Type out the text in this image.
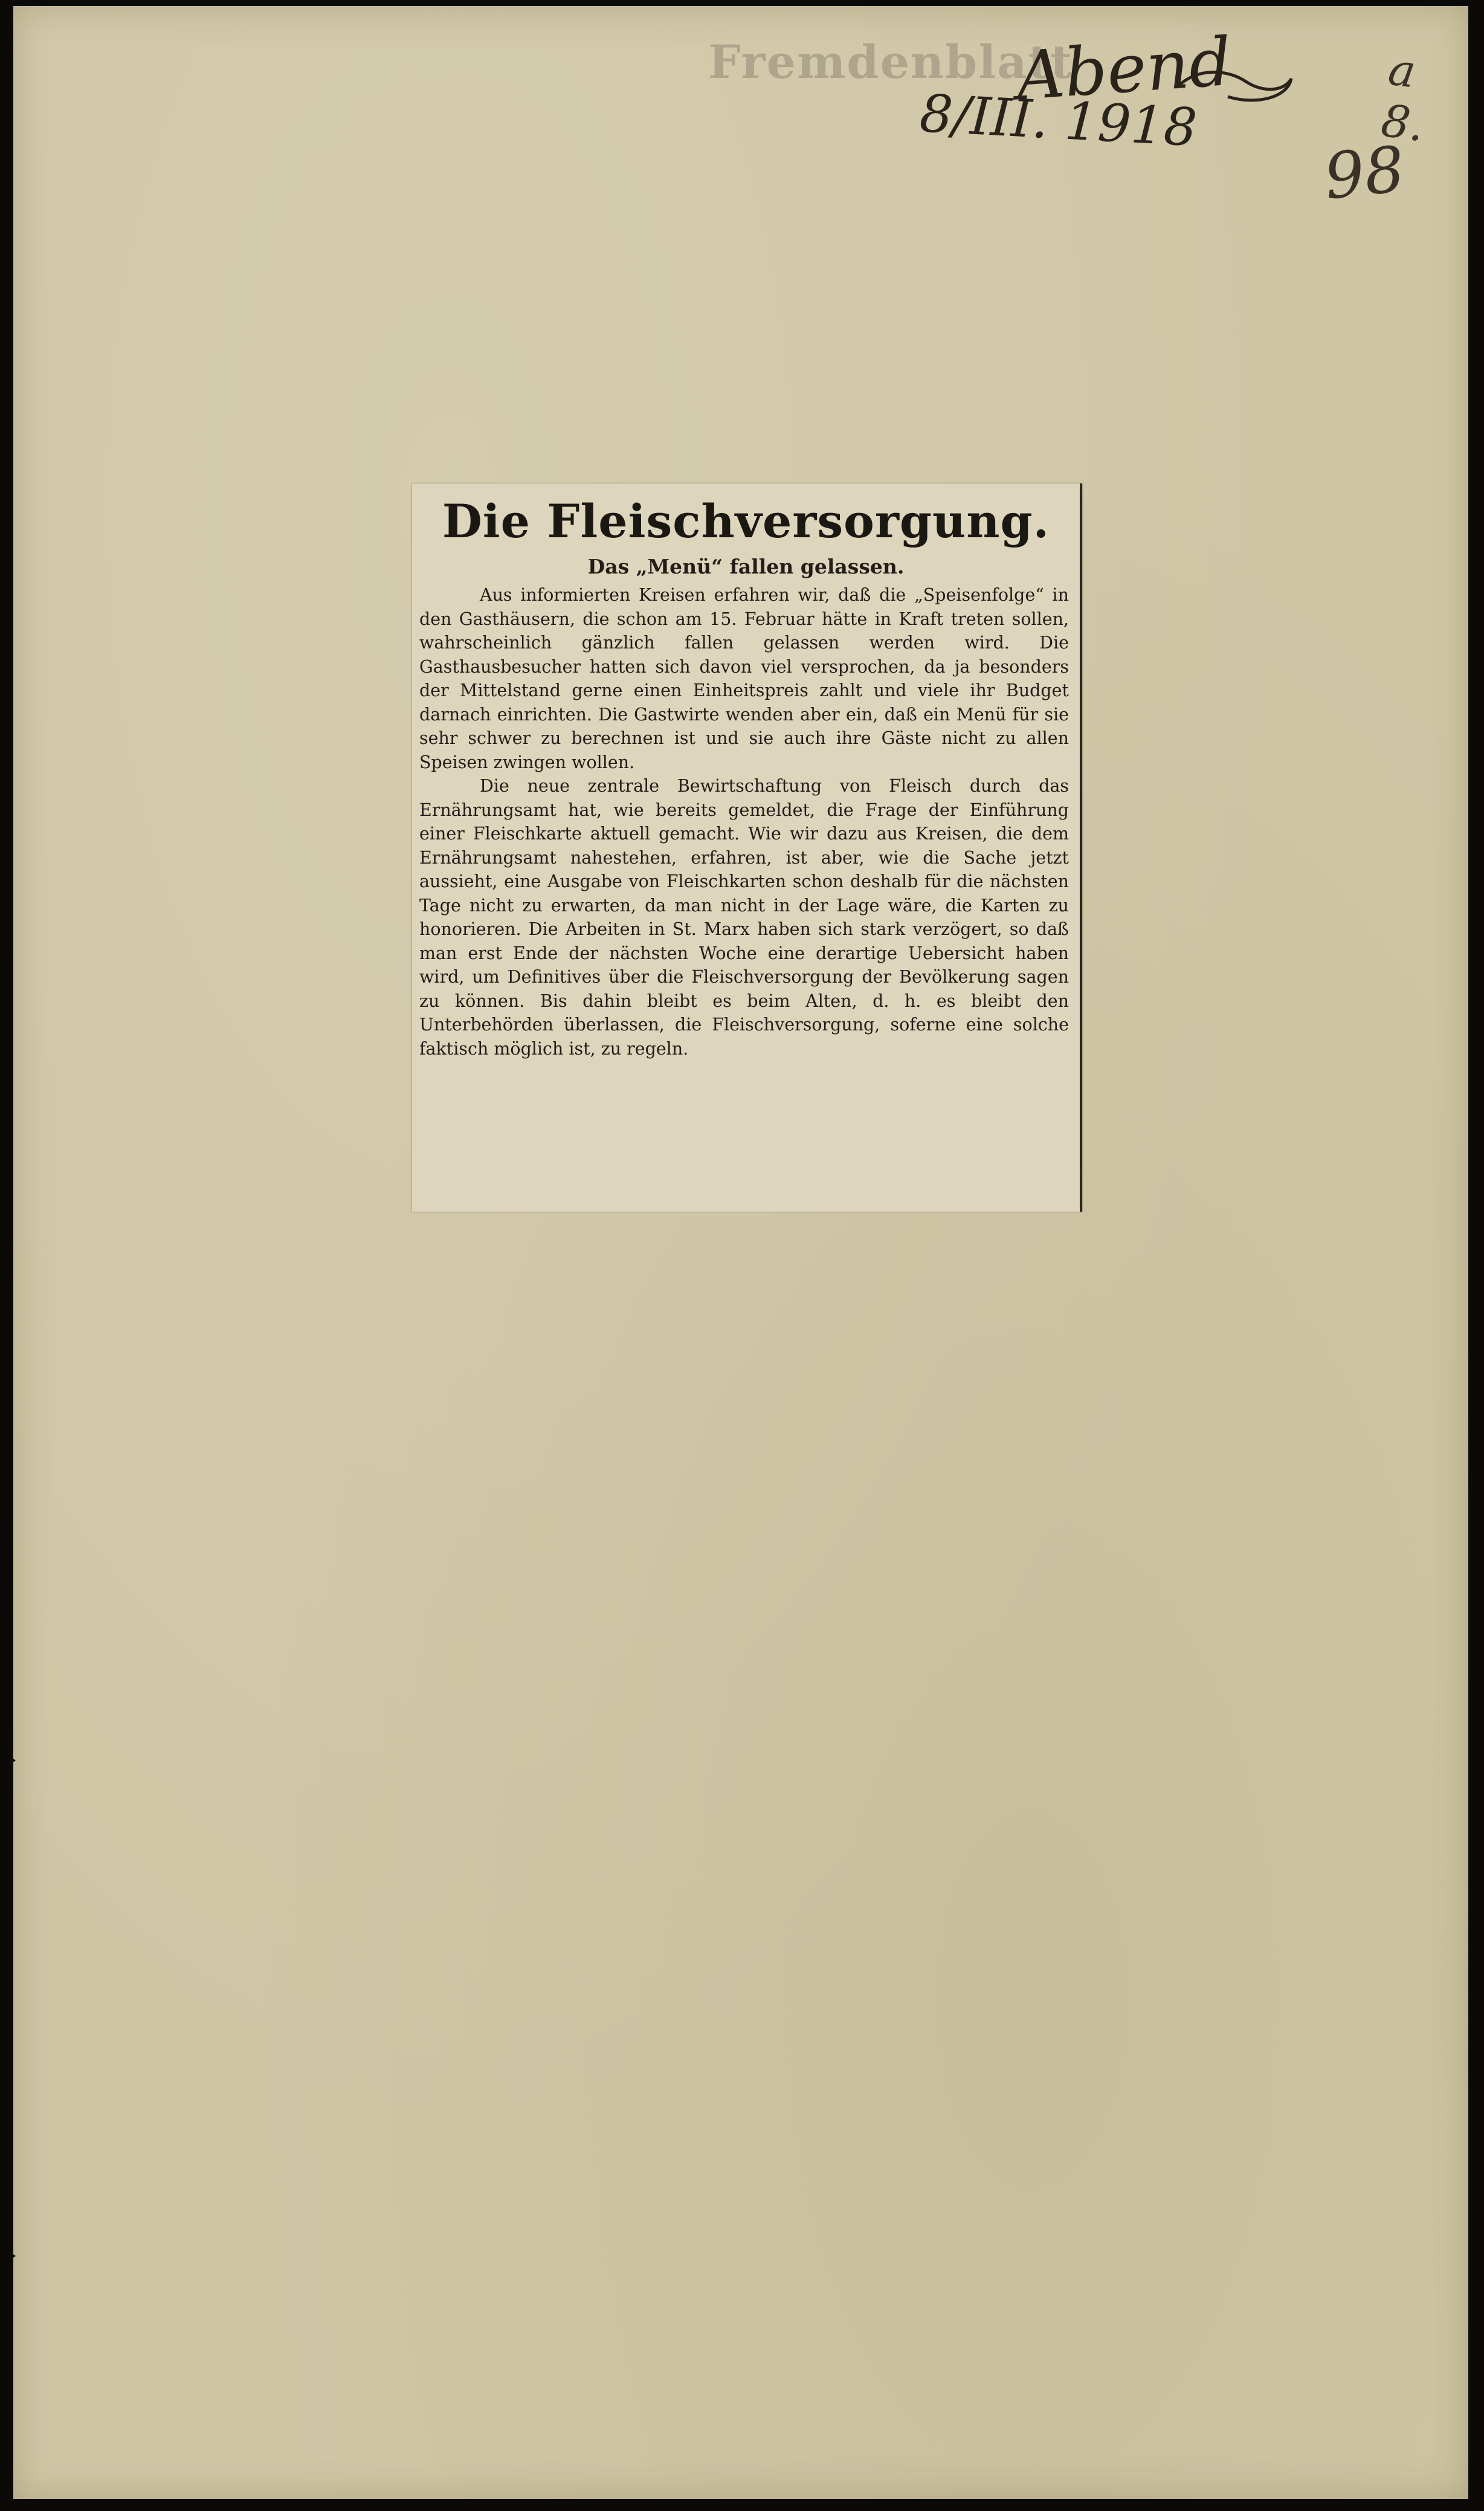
Fremdenblatt
Abend
8/III. 1918
a 8.
98
Die Fleischversorgung.
Das „Menü“ fallen gelassen.

Aus informierten Kreisen erfahren wir, daß die „Speisenfolge“ in den Gasthäusern, die schon am 15. Februar hätte in Kraft treten sollen, wahrscheinlich gänzlich fallen gelassen werden wird. Die Gasthausbesucher hatten sich davon viel versprochen, da ja besonders der Mittelstand gerne einen Einheitspreis zahlt und viele ihr Budget darnach einrichten. Die Gastwirte wenden aber ein, daß ein Menü für sie sehr schwer zu berechnen ist und sie auch ihre Gäste nicht zu allen Speisen zwingen wollen.

Die neue zentrale Bewirtschaftung von Fleisch durch das Ernährungsamt hat, wie bereits gemeldet, die Frage der Einführung einer Fleischkarte aktuell gemacht. Wie wir dazu aus Kreisen, die dem Ernährungsamt nahestehen, erfahren, ist aber, wie die Sache jetzt aussieht, eine Ausgabe von Fleischkarten schon deshalb für die nächsten Tage nicht zu erwarten, da man nicht in der Lage wäre, die Karten zu honorieren. Die Arbeiten in St. Marx haben sich stark verzögert, so daß man erst Ende der nächsten Woche eine derartige Uebersicht haben wird, um Definitives über die Fleischversorgung der Bevölkerung sagen zu können. Bis dahin bleibt es beim Alten, d. h. es bleibt den Unterbehörden überlassen, die Fleischversorgung, soferne eine solche faktisch möglich ist, zu regeln.
